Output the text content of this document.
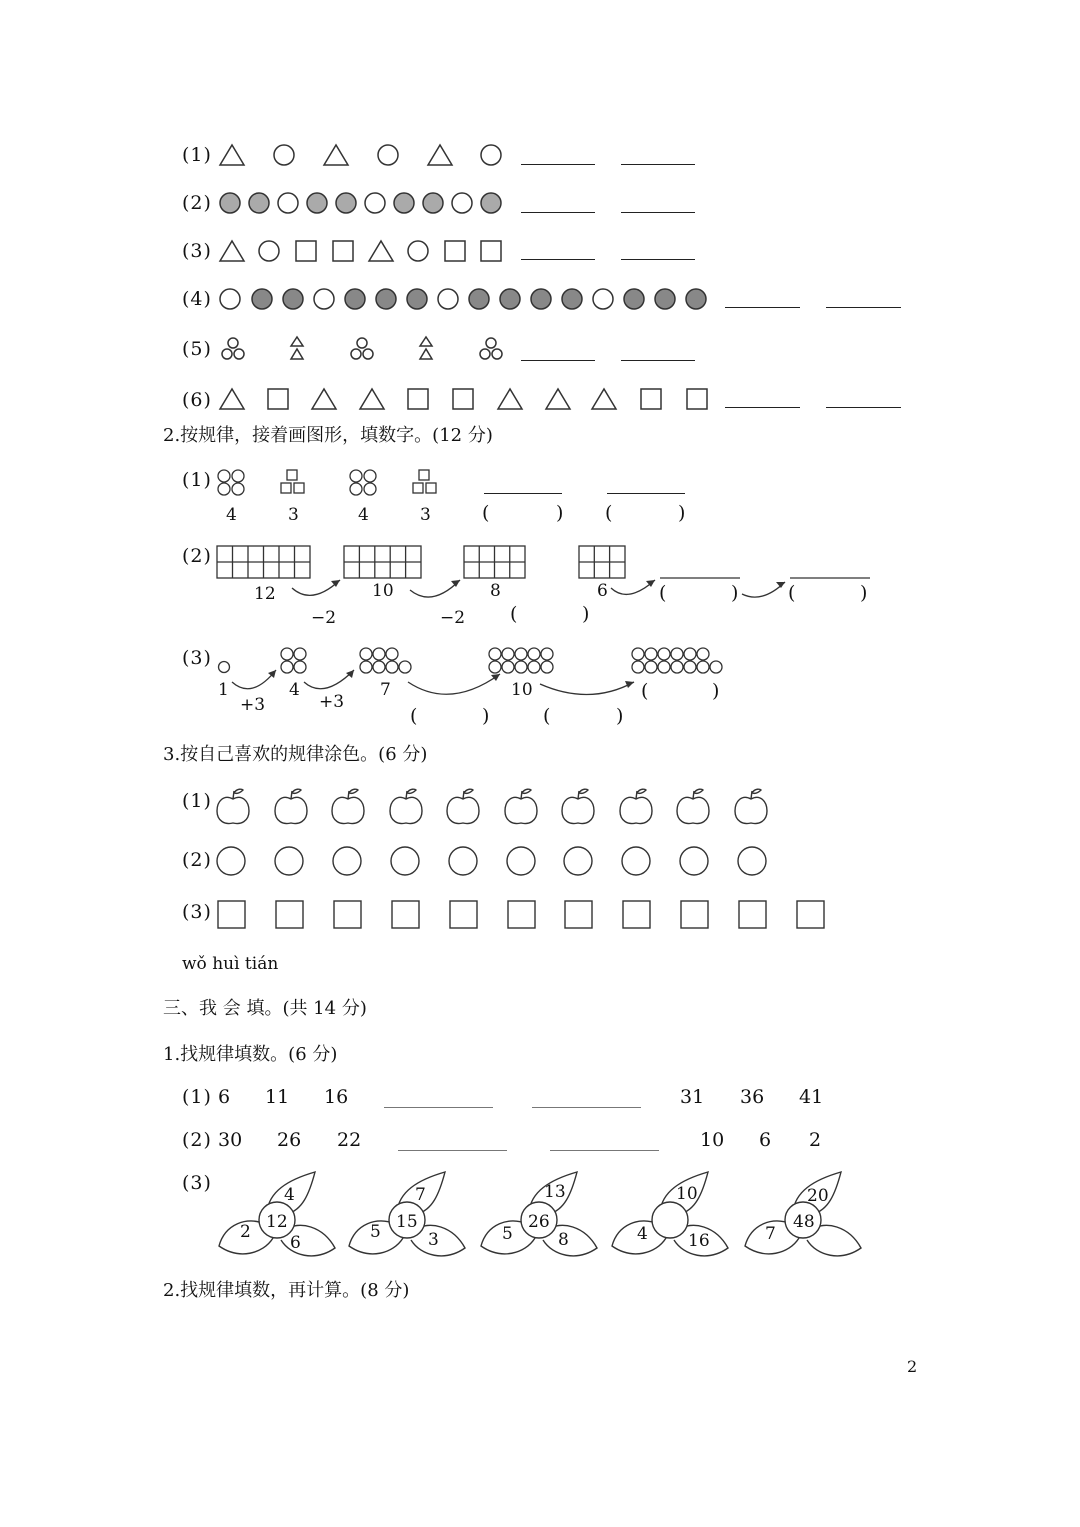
(1)
(2)
(3)
(4)
(5)
(6)
2.按规律，接着画图形，填数字。(12 分)
(1)
(2)
(3)
4	3	4	3	(	) (	)
12	10	8	6
−2	−2 (	)
(	)	(	)
1	4	7	10
+3	+3	(	)
(	)	(	)
3.按自己喜欢的规律涂色。(6 分)
(1)
(2)
(3)
wǒ huì tián
三、我 会 填。(共 14 分)
1.找规律填数。(6 分)
(1) 6 11 16	31 36 41
(2) 30 26 22	10 6 2
(3)
4
12
2
6
7
15
5	3
13
26
5	8
10
4 16
20
48
7
2.找规律填数，再计算。(8 分)
2
